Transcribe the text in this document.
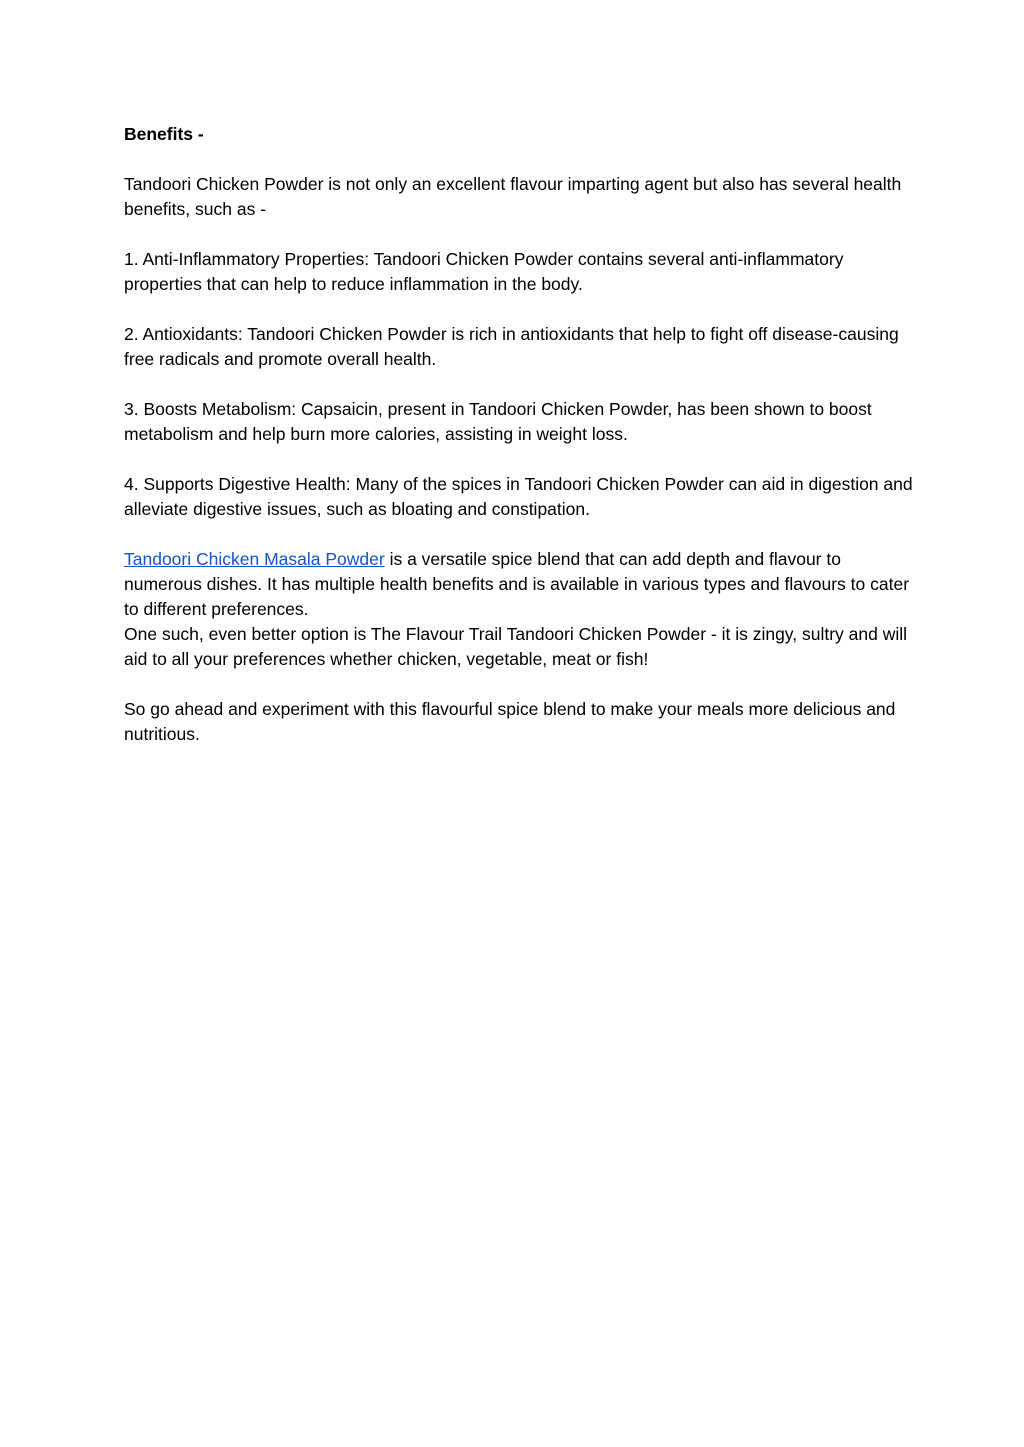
Benefits -

Tandoori Chicken Powder is not only an excellent flavour imparting agent but also has several health benefits, such as -

1. Anti-Inflammatory Properties: Tandoori Chicken Powder contains several anti-inflammatory properties that can help to reduce inflammation in the body.

2. Antioxidants: Tandoori Chicken Powder is rich in antioxidants that help to fight off disease-causing free radicals and promote overall health.

3. Boosts Metabolism: Capsaicin, present in Tandoori Chicken Powder, has been shown to boost metabolism and help burn more calories, assisting in weight loss.

4. Supports Digestive Health: Many of the spices in Tandoori Chicken Powder can aid in digestion and alleviate digestive issues, such as bloating and constipation.

Tandoori Chicken Masala Powder is a versatile spice blend that can add depth and flavour to numerous dishes. It has multiple health benefits and is available in various types and flavours to cater to different preferences.

One such, even better option is The Flavour Trail Tandoori Chicken Powder - it is zingy, sultry and will aid to all your preferences whether chicken, vegetable, meat or fish!

So go ahead and experiment with this flavourful spice blend to make your meals more delicious and nutritious.
